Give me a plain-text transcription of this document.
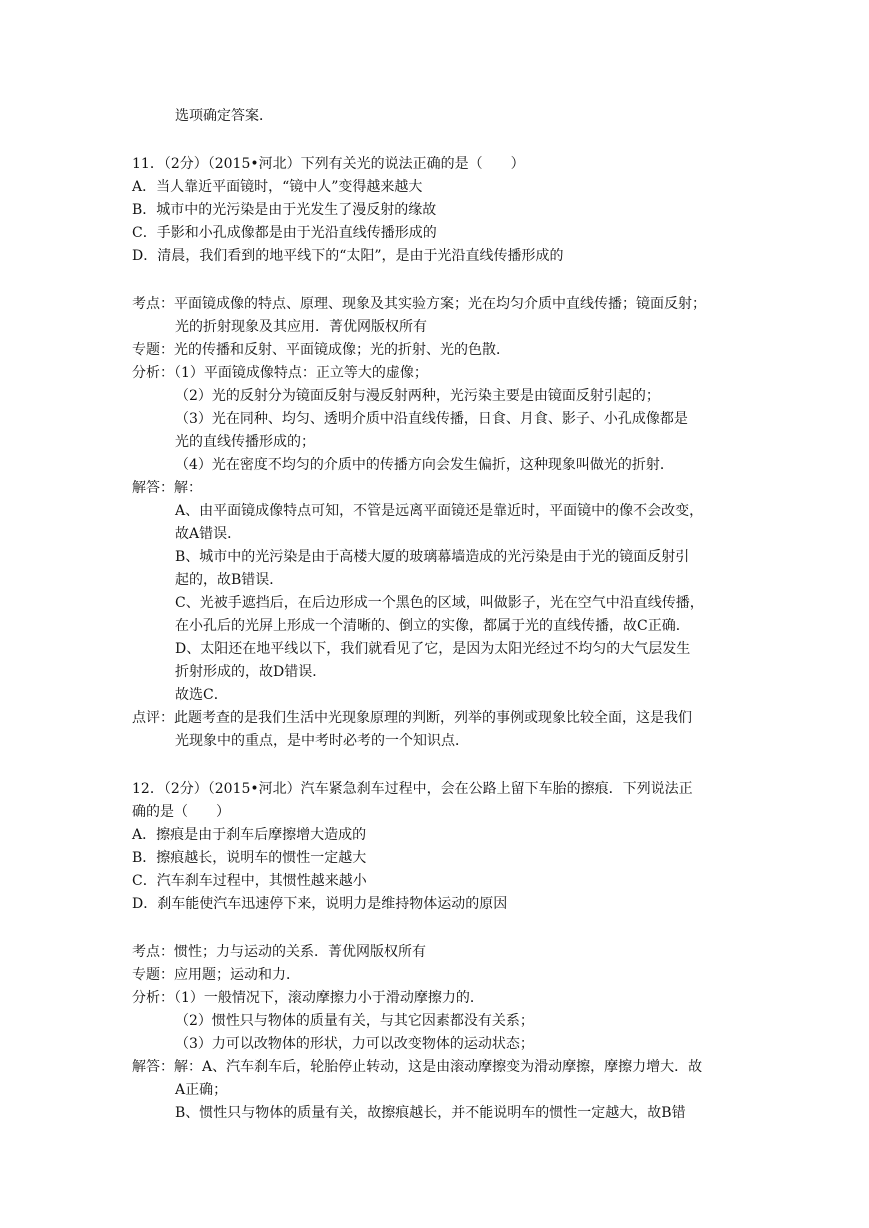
选项确定答案．
11．（2分）（2015•河北）下列有关光的说法正确的是（　　）
A．当人靠近平面镜时，“镜中人”变得越来越大
B．城市中的光污染是由于光发生了漫反射的缘故
C．手影和小孔成像都是由于光沿直线传播形成的
D．清晨，我们看到的地平线下的“太阳”，是由于光沿直线传播形成的
考点：平面镜成像的特点、原理、现象及其实验方案；光在均匀介质中直线传播；镜面反射；
光的折射现象及其应用．菁优网版权所有
专题：光的传播和反射、平面镜成像；光的折射、光的色散．
分析：（1）平面镜成像特点：正立等大的虚像；
（2）光的反射分为镜面反射与漫反射两种，光污染主要是由镜面反射引起的；
（3）光在同种、均匀、透明介质中沿直线传播，日食、月食、影子、小孔成像都是
光的直线传播形成的；
（4）光在密度不均匀的介质中的传播方向会发生偏折，这种现象叫做光的折射．
解答：解：
A、由平面镜成像特点可知，不管是远离平面镜还是靠近时，平面镜中的像不会改变，
故A错误．
B、城市中的光污染是由于高楼大厦的玻璃幕墙造成的光污染是由于光的镜面反射引
起的，故B错误．
C、光被手遮挡后，在后边形成一个黑色的区域，叫做影子，光在空气中沿直线传播，
在小孔后的光屏上形成一个清晰的、倒立的实像，都属于光的直线传播，故C正确．
D、太阳还在地平线以下，我们就看见了它，是因为太阳光经过不均匀的大气层发生
折射形成的，故D错误．
故选C．
点评：此题考查的是我们生活中光现象原理的判断，列举的事例或现象比较全面，这是我们
光现象中的重点，是中考时必考的一个知识点．
12．（2分）（2015•河北）汽车紧急刹车过程中，会在公路上留下车胎的擦痕．下列说法正
确的是（　　）
A．擦痕是由于刹车后摩擦增大造成的
B．擦痕越长，说明车的惯性一定越大
C．汽车刹车过程中，其惯性越来越小
D．刹车能使汽车迅速停下来，说明力是维持物体运动的原因
考点：惯性；力与运动的关系．菁优网版权所有
专题：应用题；运动和力．
分析：（1）一般情况下，滚动摩擦力小于滑动摩擦力的．
（2）惯性只与物体的质量有关，与其它因素都没有关系；
（3）力可以改物体的形状，力可以改变物体的运动状态；
解答：解：A、汽车刹车后，轮胎停止转动，这是由滚动摩擦变为滑动摩擦，摩擦力增大．故
A正确；
B、惯性只与物体的质量有关，故擦痕越长，并不能说明车的惯性一定越大，故B错
